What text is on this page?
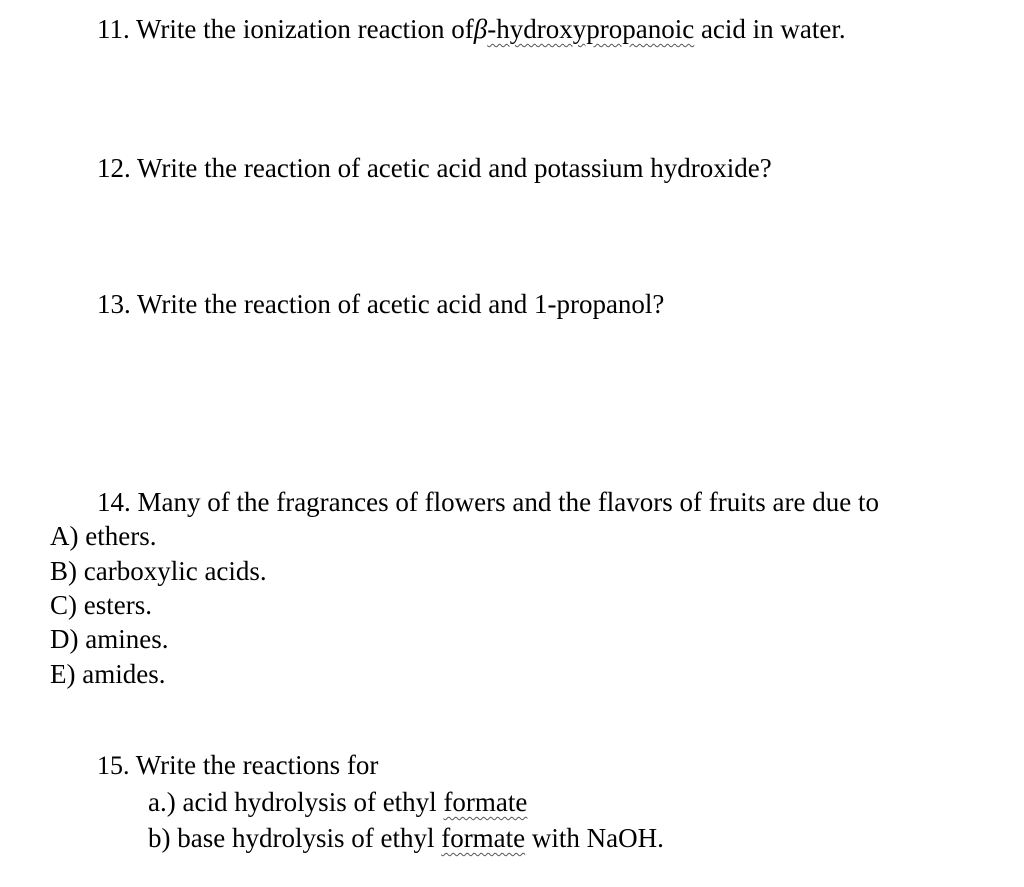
11. Write the ionization reaction ofβ-hydroxypropanoic acid in water.
12. Write the reaction of acetic acid and potassium hydroxide?
13. Write the reaction of acetic acid and 1-propanol?
14. Many of the fragrances of flowers and the flavors of fruits are due to
A) ethers.
B) carboxylic acids.
C) esters.
D) amines.
E) amides.
15. Write the reactions for
a.) acid hydrolysis of ethyl formate
b) base hydrolysis of ethyl formate with NaOH.
